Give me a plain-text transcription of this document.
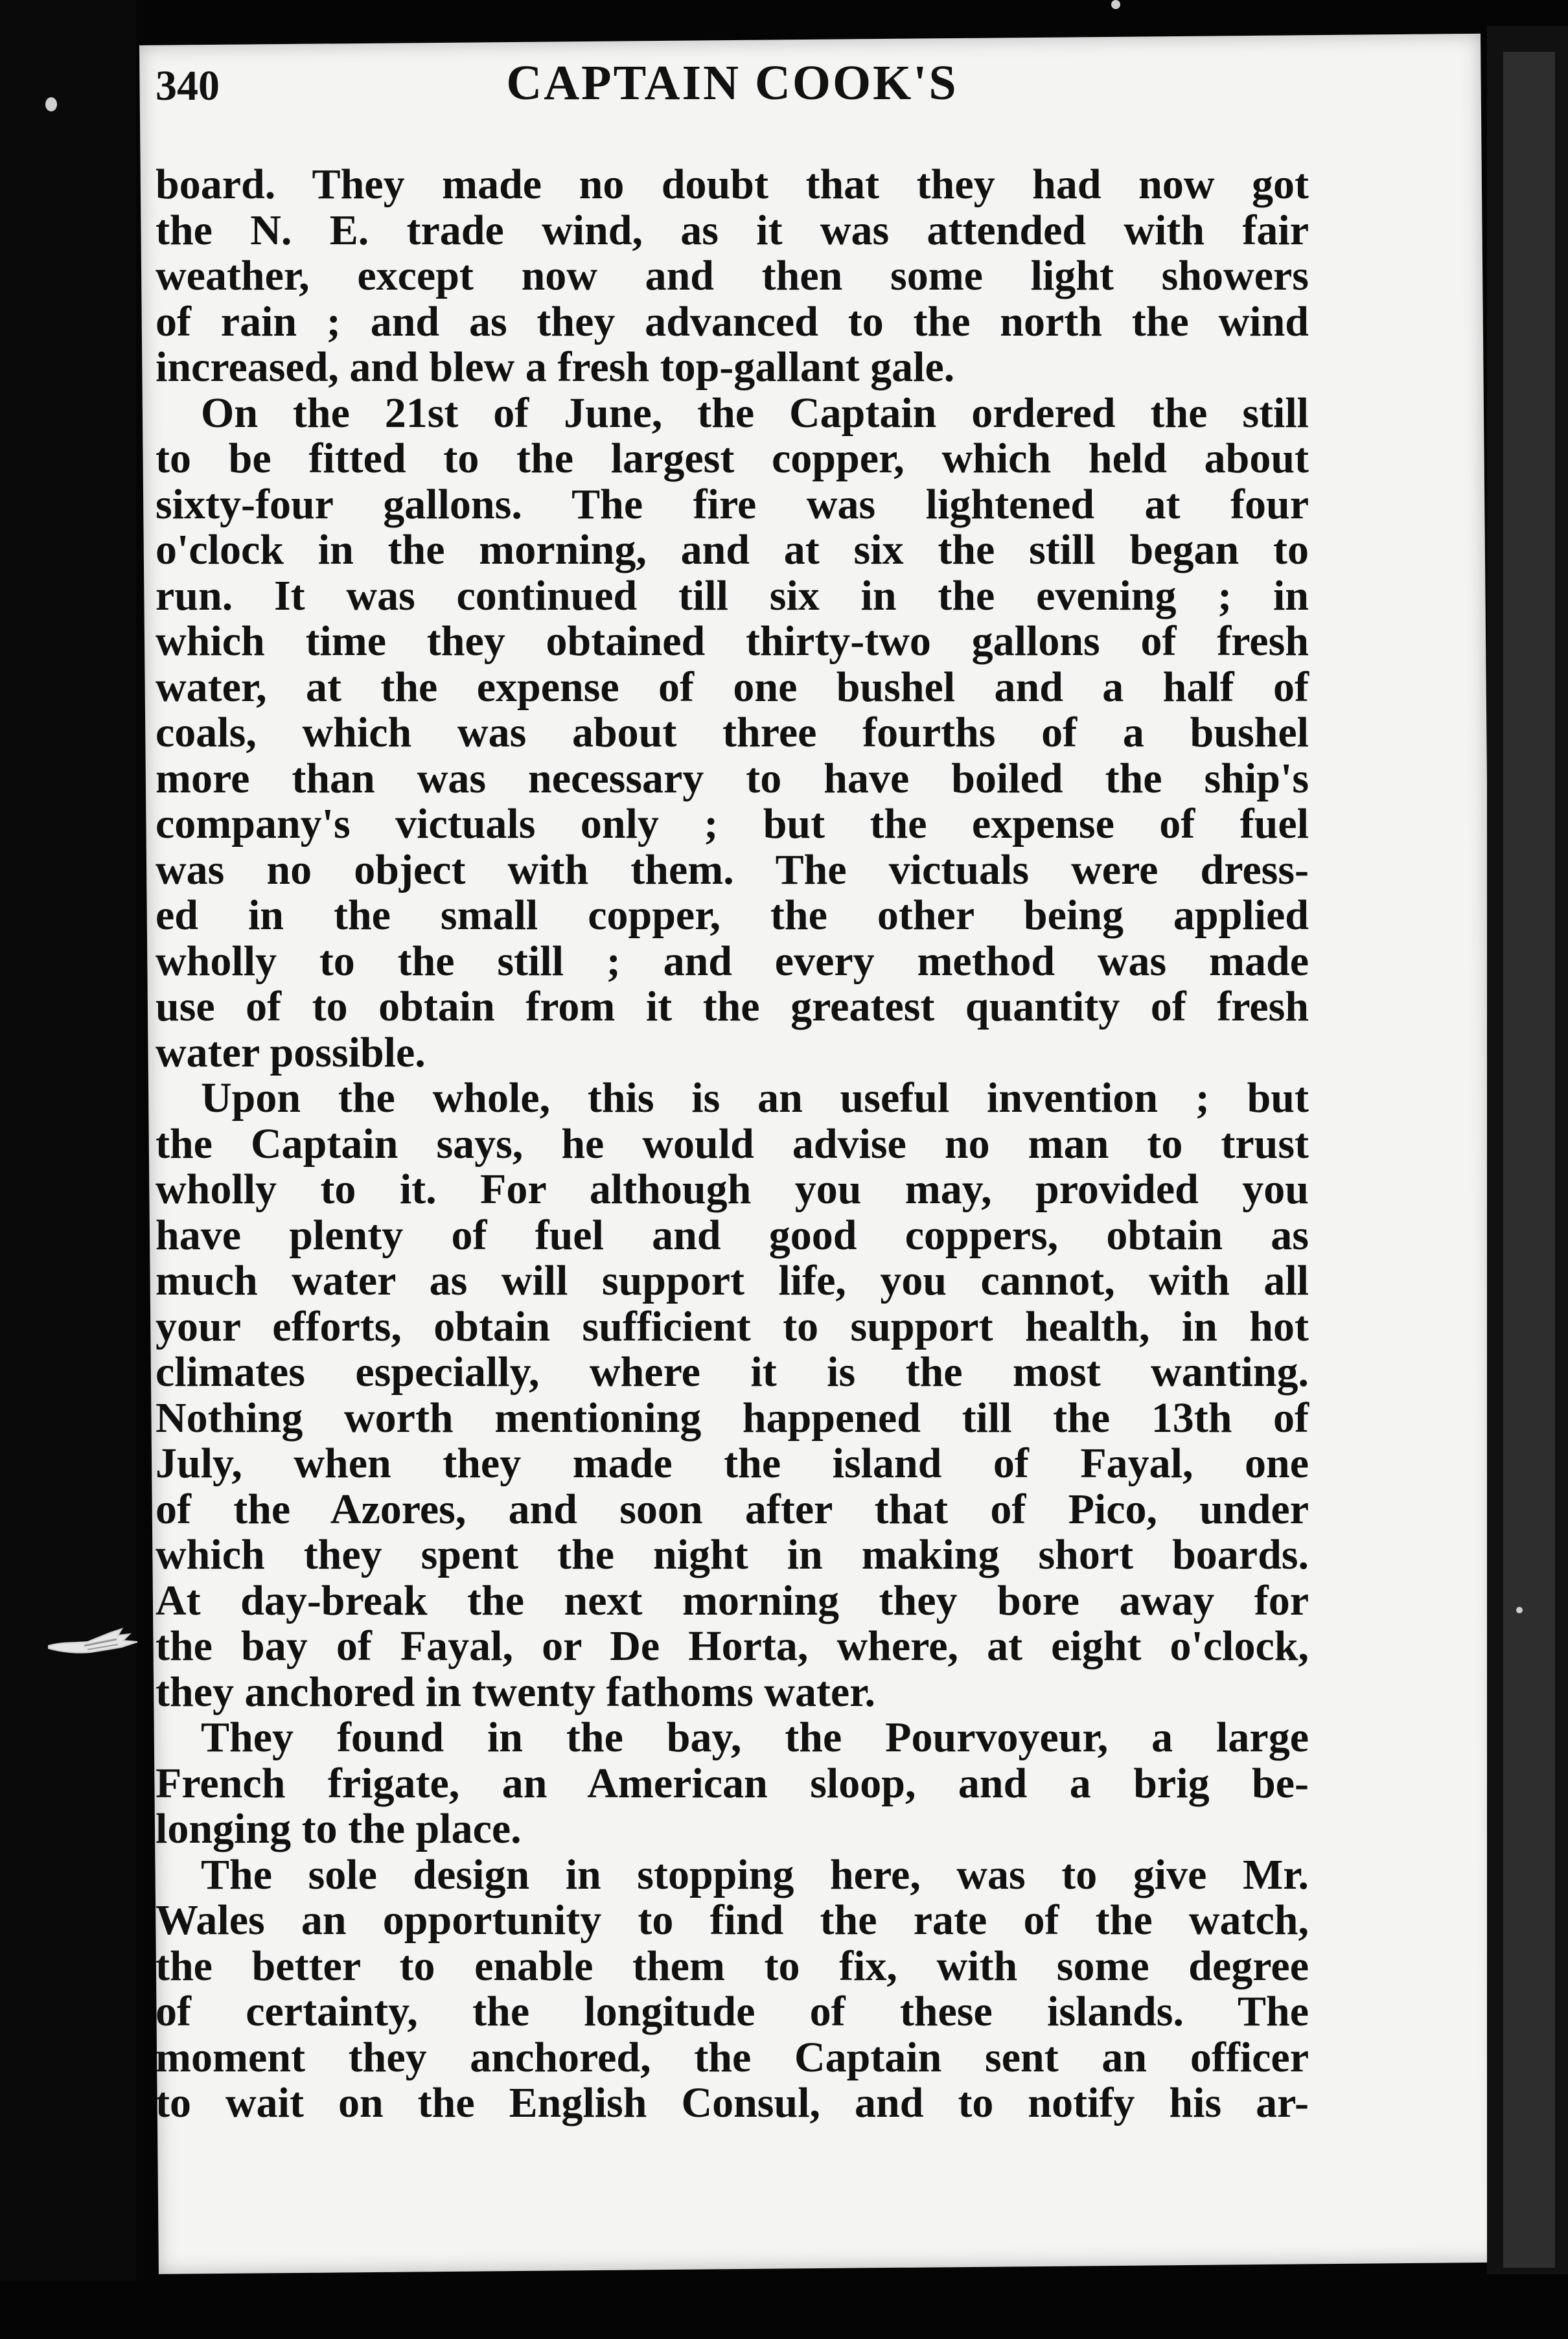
340	CAPTAIN COOK'S
board. They made no doubt that they had now got
the N. E. trade wind, as it was attended with fair
weather, except now and then some light showers
of rain ; and as they advanced to the north the wind
increased, and blew a fresh top-gallant gale.
On the 21st of June, the Captain ordered the still
to be fitted to the largest copper, which held about
sixty-four gallons. The fire was lightened at four
o'clock in the morning, and at six the still began to
run. It was continued till six in the evening ; in
which time they obtained thirty-two gallons of fresh
water, at the expense of one bushel and a half of
coals, which was about three fourths of a bushel
more than was necessary to have boiled the ship's
company's victuals only ; but the expense of fuel
was no object with them. The victuals were dress-
ed in the small copper, the other being applied
wholly to the still ; and every method was made
use of to obtain from it the greatest quantity of fresh
water possible.
Upon the whole, this is an useful invention ; but
the Captain says, he would advise no man to trust
wholly to it. For although you may, provided you
have plenty of fuel and good coppers, obtain as
much water as will support life, you cannot, with all
your efforts, obtain sufficient to support health, in hot
climates especially, where it is the most wanting.
Nothing worth mentioning happened till the 13th of
July, when they made the island of Fayal, one
of the Azores, and soon after that of Pico, under
which they spent the night in making short boards.
At day-break the next morning they bore away for
the bay of Fayal, or De Horta, where, at eight o'clock,
they anchored in twenty fathoms water.
They found in the bay, the Pourvoyeur, a large
French frigate, an American sloop, and a brig be-
longing to the place.
The sole design in stopping here, was to give Mr.
Wales an opportunity to find the rate of the watch,
the better to enable them to fix, with some degree
of certainty, the longitude of these islands. The
moment they anchored, the Captain sent an officer
to wait on the English Consul, and to notify his ar-
